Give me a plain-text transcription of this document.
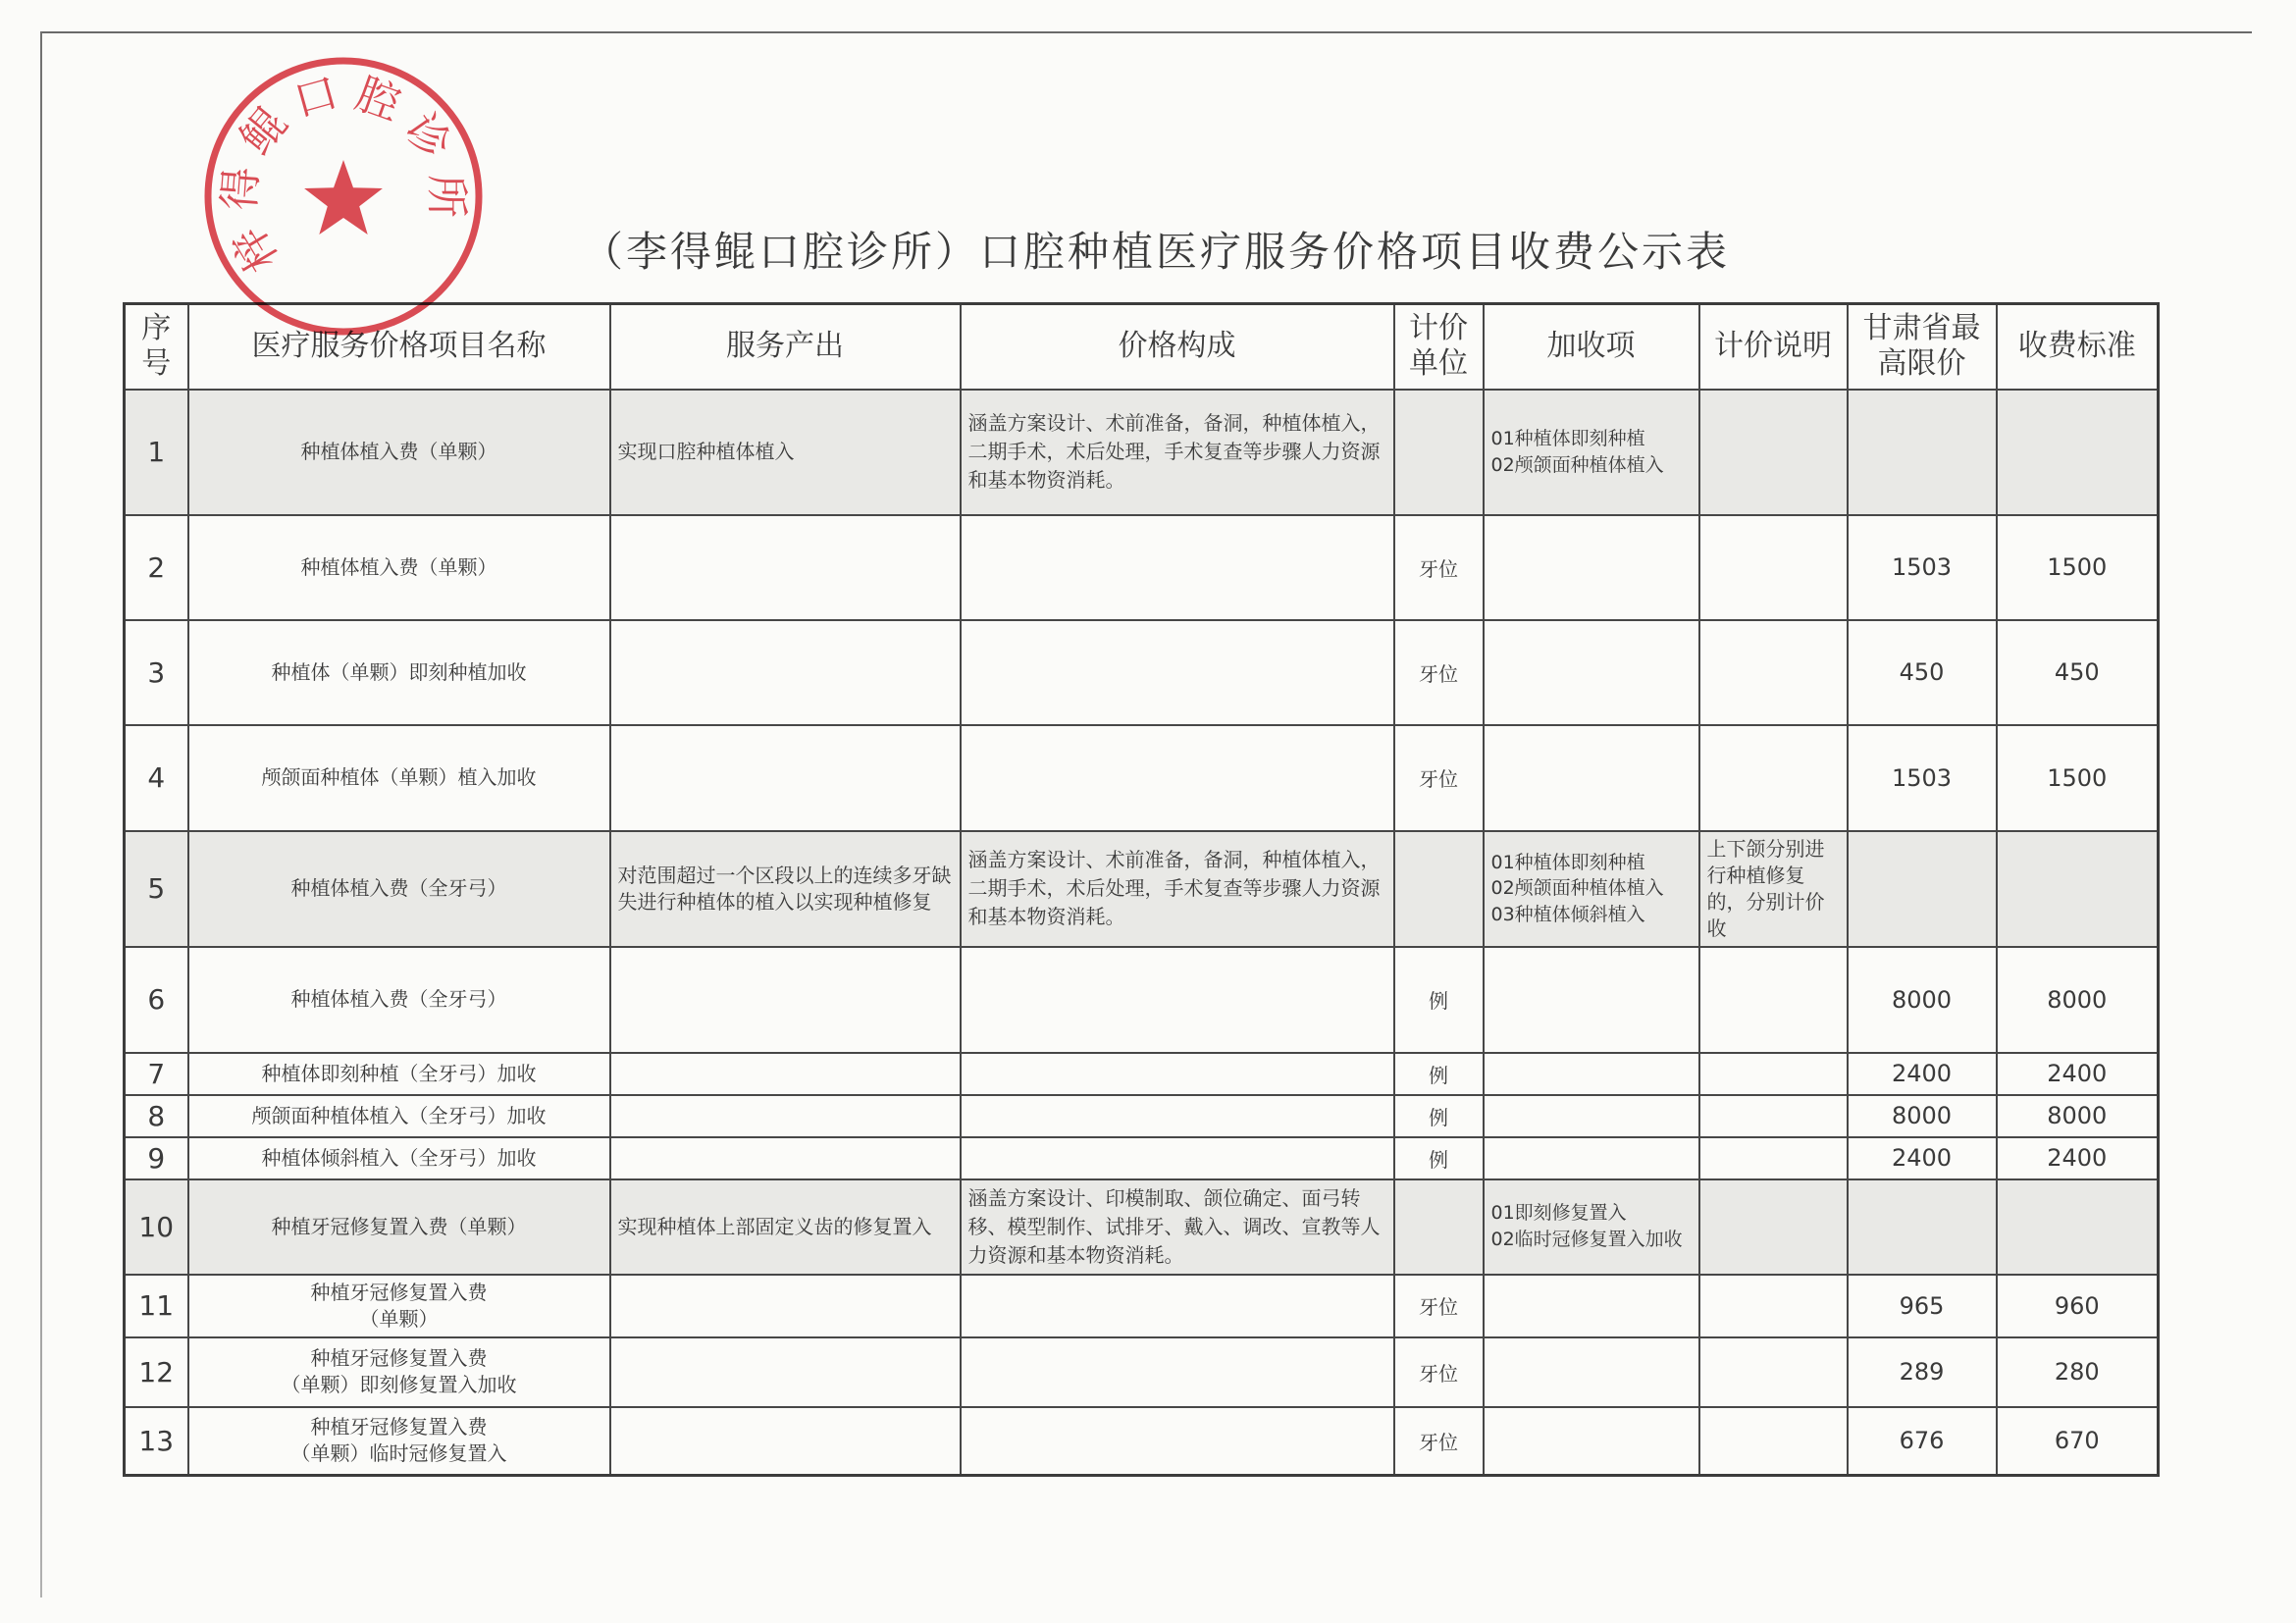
（李得鲲口腔诊所）口腔种植医疗服务价格项目收费公示表
序号	医疗服务价格项目名称	服务产出	价格构成	计价单位	加收项	计价说明	甘肃省最高限价	收费标准
1	种植体植入费（单颗）	实现口腔种植体植入	涵盖方案设计、术前准备，备洞，种植体植入，二期手术，术后处理，手术复查等步骤人力资源和基本物资消耗。		01种植体即刻种植
02颅颌面种植体植入			

2	种植体植入费（单颗）			牙位			1503	1500
3	种植体（单颗）即刻种植加收			牙位			450	450
4	颅颌面种植体（单颗）植入加收			牙位			1503	1500
5	种植体植入费（全牙弓）	对范围超过一个区段以上的连续多牙缺失进行种植体的植入以实现种植修复	涵盖方案设计、术前准备，备洞，种植体植入，二期手术，术后处理，手术复查等步骤人力资源和基本物资消耗。		01种植体即刻种植
02颅颌面种植体植入
03种植体倾斜植入	上下颌分别进行种植修复的，分别计价收		

6	种植体植入费（全牙弓）			例			8000	8000
7	种植体即刻种植（全牙弓）加收			例			2400	2400
8	颅颌面种植体植入（全牙弓）加收			例			8000	8000
9	种植体倾斜植入（全牙弓）加收			例			2400	2400
10	种植牙冠修复置入费（单颗）	实现种植体上部固定义齿的修复置入	涵盖方案设计、印模制取、颌位确定、面弓转移、模型制作、试排牙、戴入、调改、宣教等人力资源和基本物资消耗。		01即刻修复置入
02临时冠修复置入加收			

11	种植牙冠修复置入费
（单颗）			牙位			965	960
12	种植牙冠修复置入费
（单颗）即刻修复置入加收			牙位			289	280
13	种植牙冠修复置入费
（单颗）临时冠修复置入			牙位			676	670
梓得鲲口腔诊所
